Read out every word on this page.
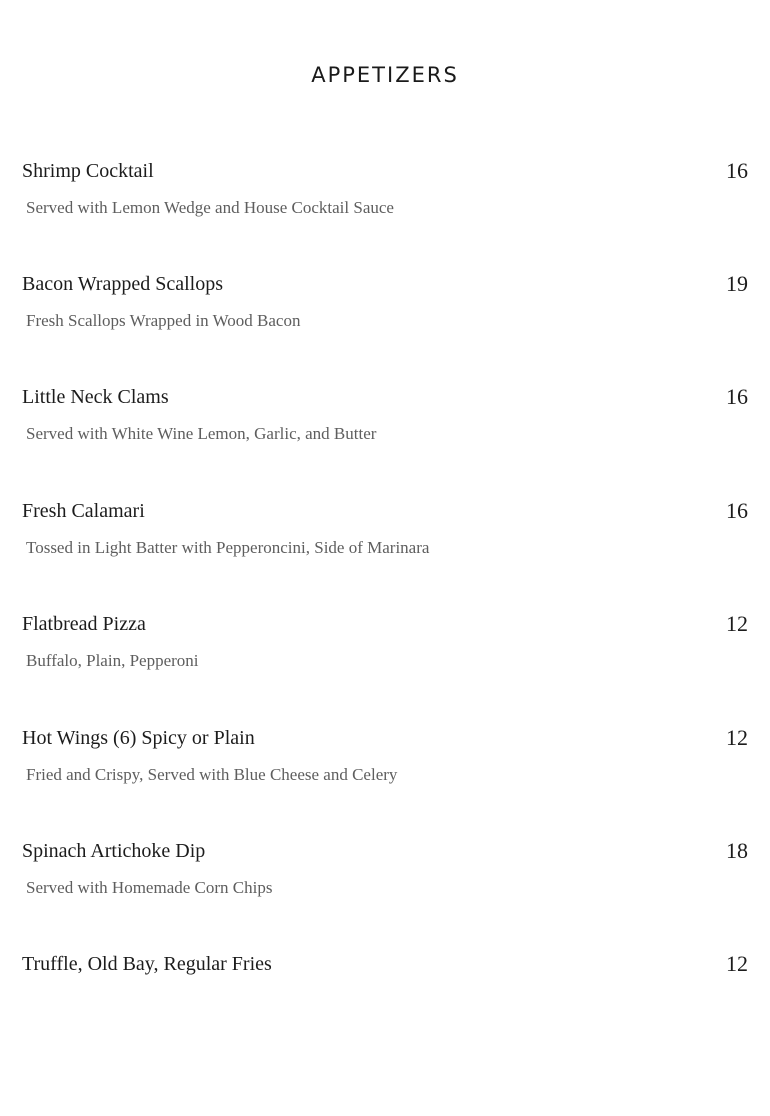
APPETIZERS
Shrimp Cocktail	16
Served with Lemon Wedge and House Cocktail Sauce
Bacon Wrapped Scallops	19
Fresh Scallops Wrapped in Wood Bacon
Little Neck Clams	16
Served with White Wine Lemon, Garlic, and Butter
Fresh Calamari	16
Tossed in Light Batter with Pepperoncini, Side of Marinara
Flatbread Pizza	12
Buffalo, Plain, Pepperoni
Hot Wings (6) Spicy or Plain	12
Fried and Crispy, Served with Blue Cheese and Celery
Spinach Artichoke Dip	18
Served with Homemade Corn Chips
Truffle, Old Bay, Regular Fries	12
